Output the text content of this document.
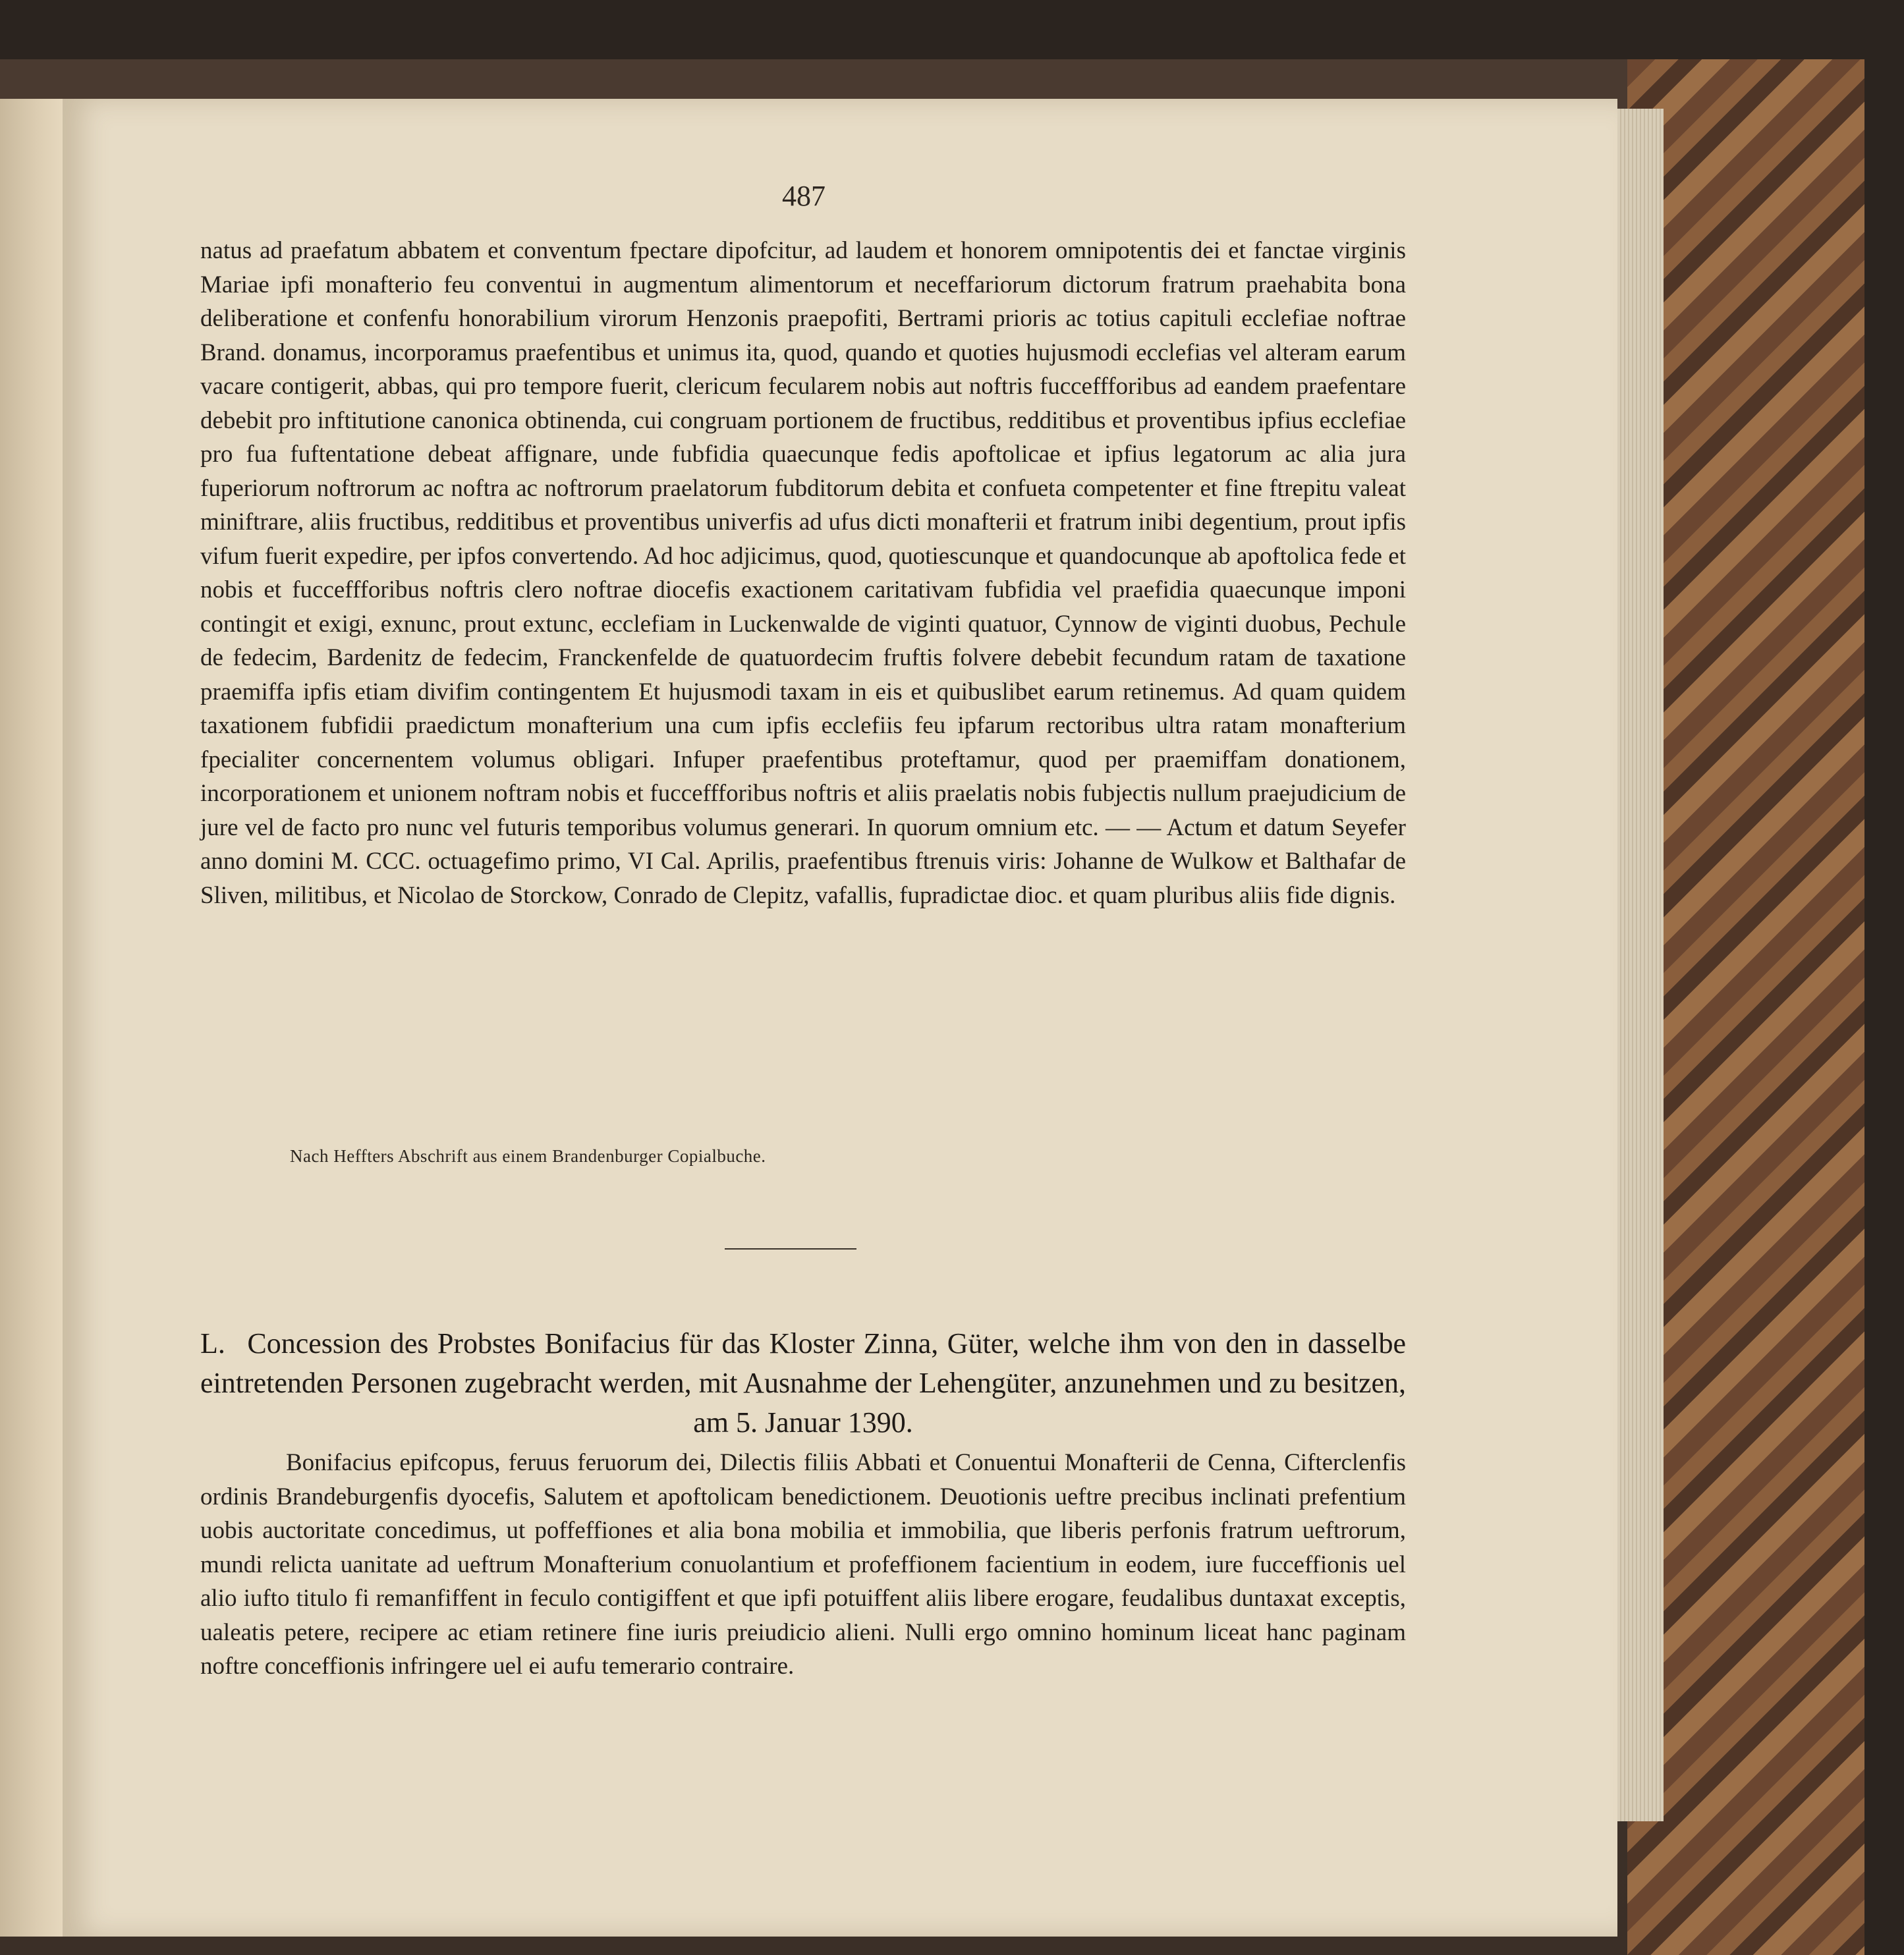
487

natus ad praefatum abbatem et conventum fpectare dipofcitur, ad laudem et honorem omnipotentis dei et fanctae virginis Mariae ipfi monafterio feu conventui in augmentum alimentorum et neceffariorum dictorum fratrum praehabita bona deliberatione et confenfu honorabilium virorum Henzonis praepofiti, Bertrami prioris ac totius capituli ecclefiae noftrae Brand. donamus, incorporamus praefentibus et unimus ita, quod, quando et quoties hujusmodi ecclefias vel alteram earum vacare contigerit, abbas, qui pro tempore fuerit, clericum fecularem nobis aut noftris fucceffforibus ad eandem praefentare debebit pro inftitutione canonica obtinenda, cui congruam portionem de fructibus, redditibus et proventibus ipfius ecclefiae pro fua fuftentatione debeat affignare, unde fubfidia quaecunque fedis apoftolicae et ipfius legatorum ac alia jura fuperiorum noftrorum ac noftra ac noftrorum praelatorum fubditorum debita et confueta competenter et fine ftrepitu valeat miniftrare, aliis fructibus, redditibus et proventibus univerfis ad ufus dicti monafterii et fratrum inibi degentium, prout ipfis vifum fuerit expedire, per ipfos convertendo. Ad hoc adjicimus, quod, quotiescunque et quandocunque ab apoftolica fede et nobis et fucceffforibus noftris clero noftrae diocefis exactionem caritativam fubfidia vel praefidia quaecunque imponi contingit et exigi, exnunc, prout extunc, ecclefiam in Luckenwalde de viginti quatuor, Cynnow de viginti duobus, Pechule de fedecim, Bardenitz de fedecim, Franckenfelde de quatuordecim fruftis folvere debebit fecundum ratam de taxatione praemiffa ipfis etiam divifim contingentem Et hujusmodi taxam in eis et quibuslibet earum retinemus. Ad quam quidem taxationem fubfidii praedictum monafterium una cum ipfis ecclefiis feu ipfarum rectoribus ultra ratam monafterium fpecialiter concernentem volumus obligari. Infuper praefentibus proteftamur, quod per praemiffam donationem, incorporationem et unionem noftram nobis et fucceffforibus noftris et aliis praelatis nobis fubjectis nullum praejudicium de jure vel de facto pro nunc vel futuris temporibus volumus generari. In quorum omnium etc. — — Actum et datum Seyefer anno domini M. CCC. octuagefimo primo, VI Cal. Aprilis, praefentibus ftrenuis viris: Johanne de Wulkow et Balthafar de Sliven, militibus, et Nicolao de Storckow, Conrado de Clepitz, vafallis, fupradictae dioc. et quam pluribus aliis fide dignis.

Nach Heffters Abschrift aus einem Brandenburger Copialbuche.
L. Concession des Probstes Bonifacius für das Kloster Zinna, Güter, welche ihm von den in dasselbe eintretenden Personen zugebracht werden, mit Ausnahme der Lehengüter, anzunehmen und zu besitzen, am 5. Januar 1390.
Bonifacius epifcopus, feruus feruorum dei, Dilectis filiis Abbati et Conuentui Monafterii de Cenna, Cifterclenfis ordinis Brandeburgenfis dyocefis, Salutem et apoftolicam benedictionem. Deuotionis ueftre precibus inclinati prefentium uobis auctoritate concedimus, ut poffeffiones et alia bona mobilia et immobilia, que liberis perfonis fratrum ueftrorum, mundi relicta uanitate ad ueftrum Monafterium conuolantium et profeffionem facientium in eodem, iure fucceffionis uel alio iufto titulo fi remanfiffent in feculo contigiffent et que ipfi potuiffent aliis libere erogare, feudalibus duntaxat exceptis, ualeatis petere, recipere ac etiam retinere fine iuris preiudicio alieni. Nulli ergo omnino hominum liceat hanc paginam noftre conceffionis infringere uel ei aufu temerario contraire.
